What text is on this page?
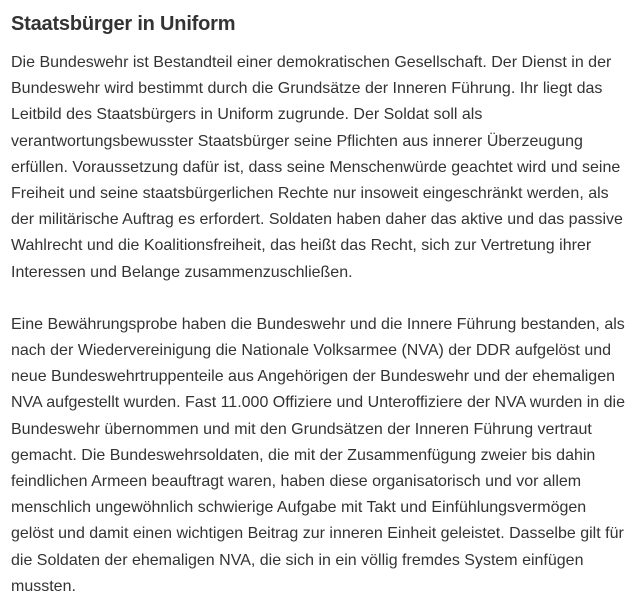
Staatsbürger in Uniform

Die Bundeswehr ist Bestandteil einer demokratischen Gesellschaft. Der Dienst in der Bundeswehr wird bestimmt durch die Grundsätze der Inneren Führung. Ihr liegt das Leitbild des Staatsbürgers in Uniform zugrunde. Der Soldat soll als verantwortungsbewusster Staatsbürger seine Pflichten aus innerer Überzeugung erfüllen. Voraussetzung dafür ist, dass seine Menschenwürde geachtet wird und seine Freiheit und seine staatsbürgerlichen Rechte nur insoweit eingeschränkt werden, als der militärische Auftrag es erfordert. Soldaten haben daher das aktive und das passive Wahlrecht und die Koalitionsfreiheit, das heißt das Recht, sich zur Vertretung ihrer Interessen und Belange zusammenzuschließen.

Eine Bewährungsprobe haben die Bundeswehr und die Innere Führung bestanden, als nach der Wiedervereinigung die Nationale Volksarmee (NVA) der DDR aufgelöst und neue Bundeswehrtruppenteile aus Angehörigen der Bundeswehr und der ehemaligen NVA aufgestellt wurden. Fast 11.000 Offiziere und Unteroffiziere der NVA wurden in die Bundeswehr übernommen und mit den Grundsätzen der Inneren Führung vertraut gemacht. Die Bundeswehrsoldaten, die mit der Zusammenfügung zweier bis dahin feindlichen Armeen beauftragt waren, haben diese organisatorisch und vor allem menschlich ungewöhnlich schwierige Aufgabe mit Takt und Einfühlungsvermögen gelöst und damit einen wichtigen Beitrag zur inneren Einheit geleistet. Dasselbe gilt für die Soldaten der ehemaligen NVA, die sich in ein völlig fremdes System einfügen mussten.
